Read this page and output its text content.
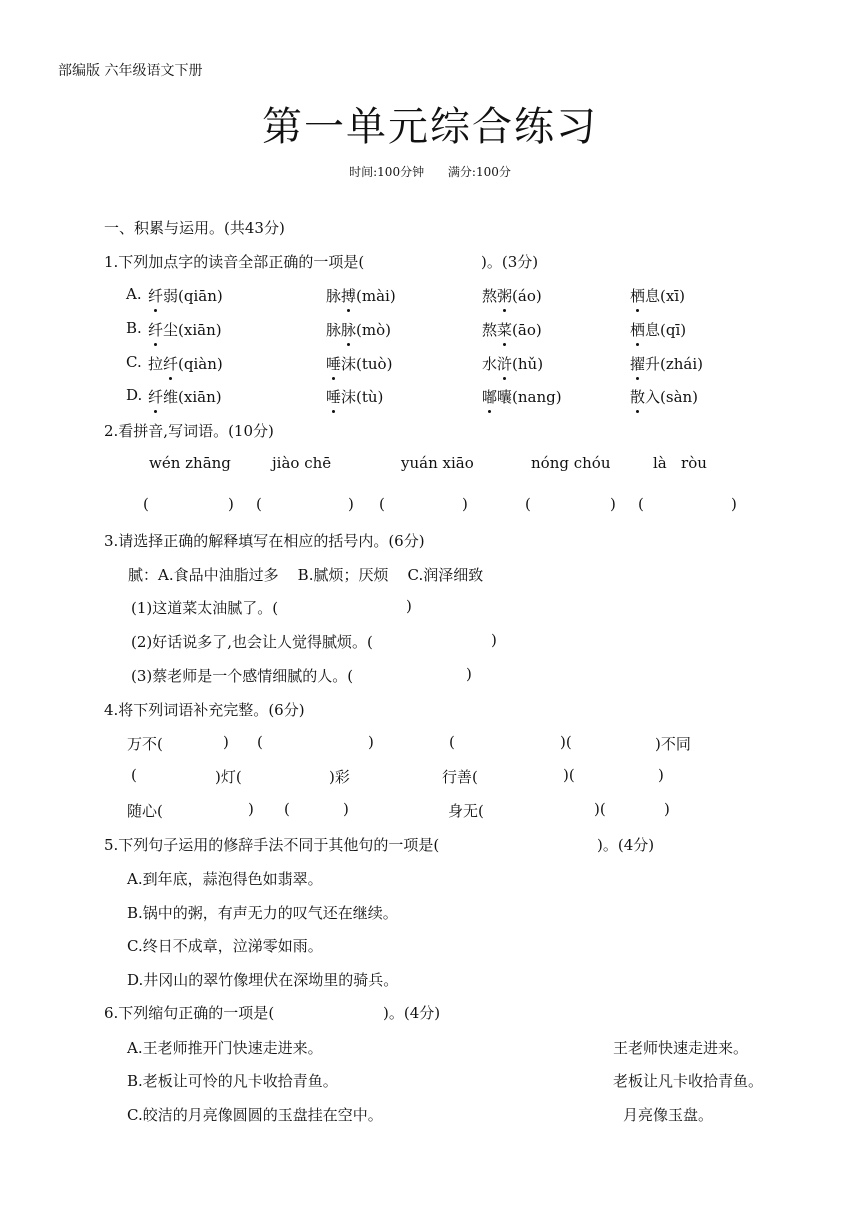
部编版 六年级语文下册
第一单元综合练习
时间:100分钟 满分:100分
一、积累与运用。(共43分)
1.下列加点字的读音全部正确的一项是(	)。(3分)
A. 纤弱(qiān)	脉搏(mài)	熬粥(áo)	栖息(xī)
B. 纤尘(xiān)	脉脉(mò)	熬菜(āo)	栖息(qī)
C. 拉纤(qiàn)	唾沫(tuò)	水浒(hǔ)	擢升(zhái)
D. 纤维(xiān)	唾沫(tù)	嘟囔(nang)	散入(sàn)
2.看拼音,写词语。(10分)
wén zhāng	jiào chē	yuán xiāo	nóng chóu	là   ròu
(	) (	) (	)	(	) (	)
3.请选择正确的解释填写在相应的括号内。(6分)
腻：A.食品中油脂过多    B.腻烦；厌烦    C.润泽细致
(1)这道菜太油腻了。(	)
(2)好话说多了,也会让人觉得腻烦。(	)
(3)蔡老师是一个感情细腻的人。(	)
4.将下列词语补充完整。(6分)
万不(	) (	)	(	)(	)不同
(	)灯(	)彩	行善(	)(	)
随心(	) (	)	身无(	)(	)
5.下列句子运用的修辞手法不同于其他句的一项是(	)。(4分)
A.到年底，蒜泡得色如翡翠。
B.锅中的粥，有声无力的叹气还在继续。
C.终日不成章，泣涕零如雨。
D.井冈山的翠竹像埋伏在深坳里的骑兵。
6.下列缩句正确的一项是(	)。(4分)
A.王老师推开门快速走进来。	王老师快速走进来。
B.老板让可怜的凡卡收拾青鱼。	老板让凡卡收拾青鱼。
C.皎洁的月亮像圆圆的玉盘挂在空中。	月亮像玉盘。
